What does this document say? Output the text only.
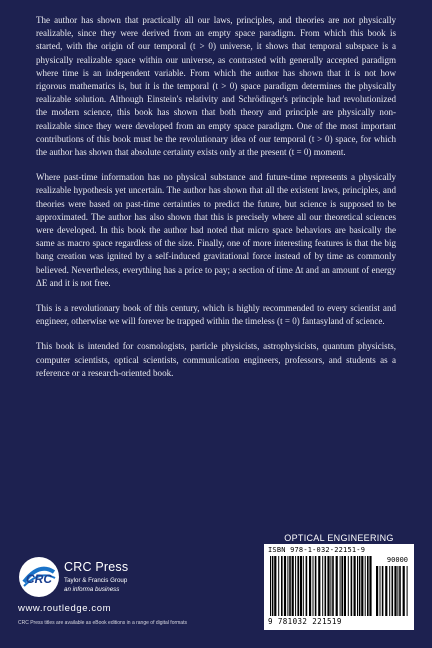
The author has shown that practically all our laws, principles, and theories are not physically realizable, since they were derived from an empty space paradigm. From which this book is started, with the origin of our temporal (t > 0) universe, it shows that temporal subspace is a physically realizable space within our universe, as contrasted with generally accepted paradigm where time is an independent variable. From which the author has shown that it is not how rigorous mathematics is, but it is the temporal (t > 0) space paradigm determines the physically realizable solution. Although Einstein's relativity and Schrödinger's principle had revolutionized the modern science, this book has shown that both theory and principle are physically non-realizable since they were developed from an empty space paradigm. One of the most important contributions of this book must be the revolutionary idea of our temporal (t > 0) space, for which the author has shown that absolute certainty exists only at the present (t = 0) moment.

Where past-time information has no physical substance and future-time represents a physically realizable hypothesis yet uncertain. The author has shown that all the existent laws, principles, and theories were based on past-time certainties to predict the future, but science is supposed to be approximated. The author has also shown that this is precisely where all our theoretical sciences were developed. In this book the author had noted that micro space behaviors are basically the same as macro space regardless of the size. Finally, one of more interesting features is that the big bang creation was ignited by a self-induced gravitational force instead of by time as commonly believed. Nevertheless, everything has a price to pay; a section of time Δt and an amount of energy ΔE and it is not free.

This is a revolutionary book of this century, which is highly recommended to every scientist and engineer, otherwise we will forever be trapped within the timeless (t = 0) fantasyland of science.

This book is intended for cosmologists, particle physicists, astrophysicists, quantum physicists, computer scientists, optical scientists, communication engineers, professors, and students as a reference or a research-oriented book.

CRC
CRC Press
Taylor & Francis Group
an informa business
www.routledge.com
CRC Press titles are available as eBook editions in a range of digital formats
OPTICAL ENGINEERING
ISBN 978-1-032-22151-9
90000
9 781032 221519
